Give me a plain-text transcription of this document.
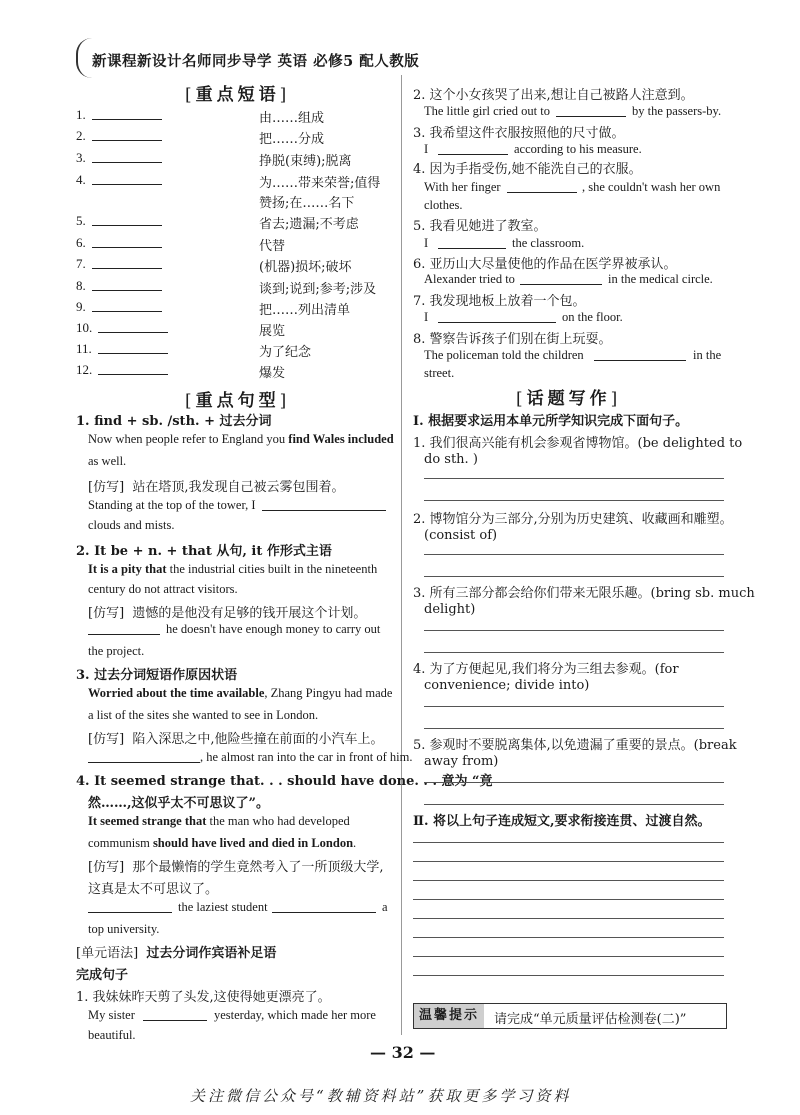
新课程新设计名师同步导学 英语 必修5 配人教版
[重点短语]
1.	由……组成
2.	把……分成
3.	挣脱(束缚);脱离
4.	为……带来荣誉;值得
赞扬;在……名下
5.	省去;遗漏;不考虑
6.	代替
7.	(机器)损坏;破坏
8.	谈到;说到;参考;涉及
9.	把……列出清单
10.	展览
11.	为了纪念
12.	爆发
[重点句型]
1. find + sb. /sth. + 过去分词
Now when people refer to England you find Wales included
as well.
[仿写] 站在塔顶,我发现自己被云雾包围着。
Standing at the top of the tower, I
clouds and mists.
2. It be + n. + that 从句, it 作形式主语
It is a pity that the industrial cities built in the nineteenth
century do not attract visitors.
[仿写] 遗憾的是他没有足够的钱开展这个计划。
he doesn't have enough money to carry out
the project.
3. 过去分词短语作原因状语
Worried about the time available, Zhang Pingyu had made
a list of the sites she wanted to see in London.
[仿写] 陷入深思之中,他险些撞在前面的小汽车上。
, he almost ran into the car in front of him.
4. It seemed strange that. . . should have done. . . 意为 “竟
然……,这似乎太不可思议了”。
It seemed strange that the man who had developed
communism should have lived and died in London.
[仿写] 那个最懒惰的学生竟然考入了一所顶级大学,
这真是太不可思议了。
the laziest student	a
top university.
[单元语法] 过去分词作宾语补足语
完成句子
1. 我妹妹昨天剪了头发,这使得她更漂亮了。
My sister	yesterday, which made her more
beautiful.
2. 这个小女孩哭了出来,想让自己被路人注意到。
The little girl cried out to	by the passers-by.
3. 我希望这件衣服按照他的尺寸做。
I	according to his measure.
4. 因为手指受伤,她不能洗自己的衣服。
With her finger	, she couldn't wash her own
clothes.
5. 我看见她进了教室。
I	the classroom.
6. 亚历山大尽量使他的作品在医学界被承认。
Alexander tried to	in the medical circle.
7. 我发现地板上放着一个包。
I	on the floor.
8. 警察告诉孩子们别在街上玩耍。
The policeman told the children	in the
street.
[话题写作]
Ⅰ. 根据要求运用本单元所学知识完成下面句子。
1. 我们很高兴能有机会参观省博物馆。(be delighted to
do sth. )
2. 博物馆分为三部分,分别为历史建筑、收藏画和雕塑。
(consist of)
3. 所有三部分都会给你们带来无限乐趣。(bring sb. much
delight)
4. 为了方便起见,我们将分为三组去参观。(for
convenience; divide into)
5. 参观时不要脱离集体,以免遗漏了重要的景点。(break
away from)
Ⅱ. 将以上句子连成短文,要求衔接连贯、过渡自然。
温馨提示	请完成“单元质量评估检测卷(二)”
— 32 —
关注微信公众号“教辅资料站”获取更多学习资料
